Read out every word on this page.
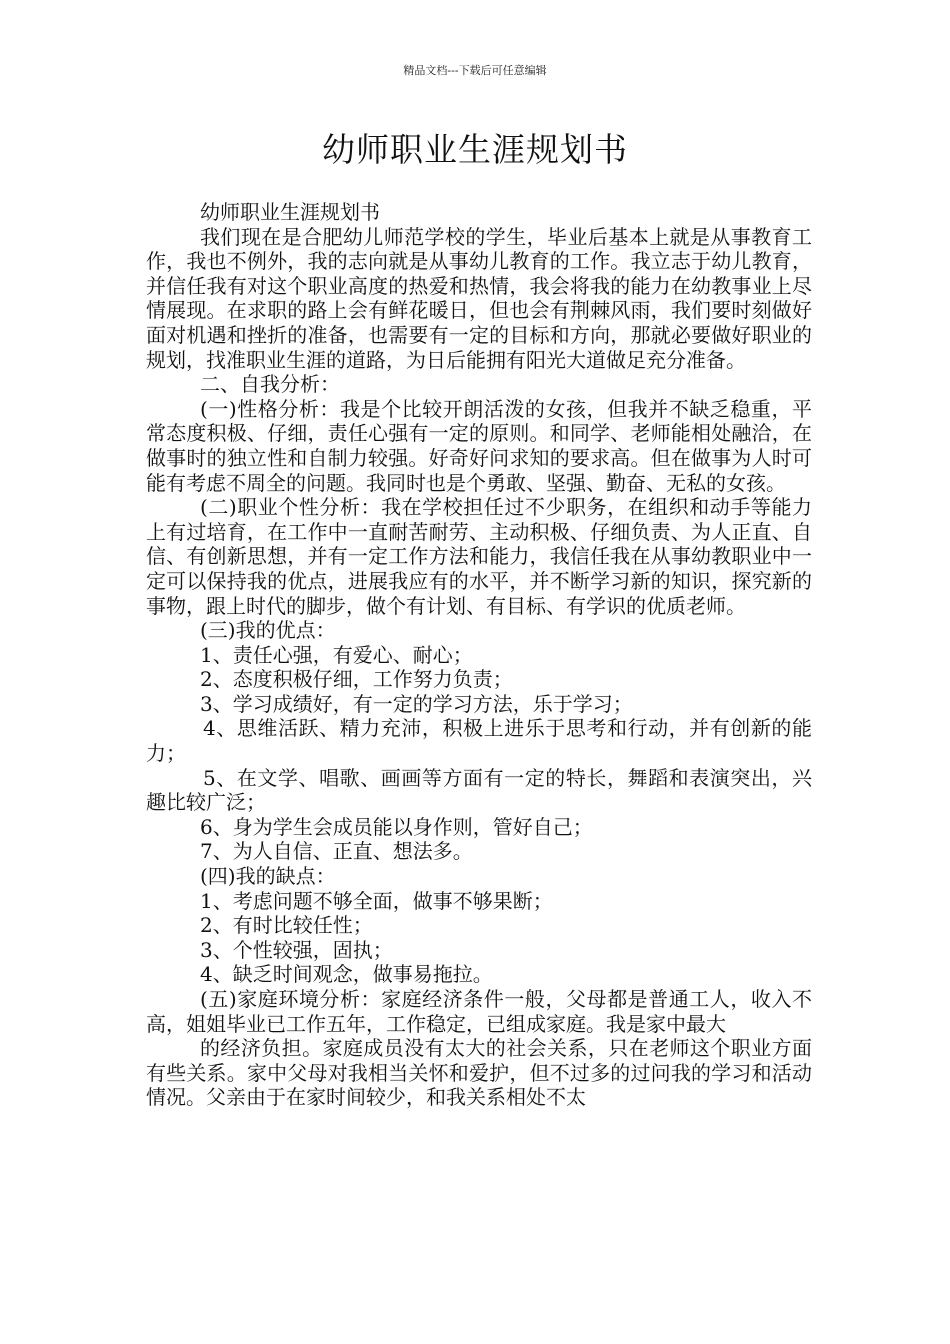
精品文档---下载后可任意编辑
幼师职业生涯规划书

幼师职业生涯规划书

我们现在是合肥幼儿师范学校的学生，毕业后基本上就是从事教育工作，我也不例外，我的志向就是从事幼儿教育的工作。我立志于幼儿教育，并信任我有对这个职业高度的热爱和热情，我会将我的能力在幼教事业上尽情展现。在求职的路上会有鲜花暖日，但也会有荆棘风雨，我们要时刻做好面对机遇和挫折的准备，也需要有一定的目标和方向，那就必要做好职业的规划，找准职业生涯的道路，为日后能拥有阳光大道做足充分准备。

二、自我分析：

(一)性格分析：我是个比较开朗活泼的女孩，但我并不缺乏稳重，平常态度积极、仔细，责任心强有一定的原则。和同学、老师能相处融洽，在做事时的独立性和自制力较强。好奇好问求知的要求高。但在做事为人时可能有考虑不周全的问题。我同时也是个勇敢、坚强、勤奋、无私的女孩。

(二)职业个性分析：我在学校担任过不少职务，在组织和动手等能力上有过培育，在工作中一直耐苦耐劳、主动积极、仔细负责、为人正直、自信、有创新思想，并有一定工作方法和能力，我信任我在从事幼教职业中一定可以保持我的优点，进展我应有的水平，并不断学习新的知识，探究新的事物，跟上时代的脚步，做个有计划、有目标、有学识的优质老师。

(三)我的优点：

1、责任心强，有爱心、耐心；

2、态度积极仔细，工作努力负责；

3、学习成绩好，有一定的学习方法，乐于学习；

4、思维活跃、精力充沛，积极上进乐于思考和行动，并有创新的能力；

5、在文学、唱歌、画画等方面有一定的特长，舞蹈和表演突出，兴趣比较广泛；

6、身为学生会成员能以身作则，管好自己；

7、为人自信、正直、想法多。

(四)我的缺点：

1、考虑问题不够全面，做事不够果断；

2、有时比较任性；

3、个性较强，固执；

4、缺乏时间观念，做事易拖拉。

(五)家庭环境分析：家庭经济条件一般，父母都是普通工人，收入不高，姐姐毕业已工作五年，工作稳定，已组成家庭。我是家中最大

的经济负担。家庭成员没有太大的社会关系，只在老师这个职业方面有些关系。家中父母对我相当关怀和爱护，但不过多的过问我的学习和活动情况。父亲由于在家时间较少，和我关系相处不太
